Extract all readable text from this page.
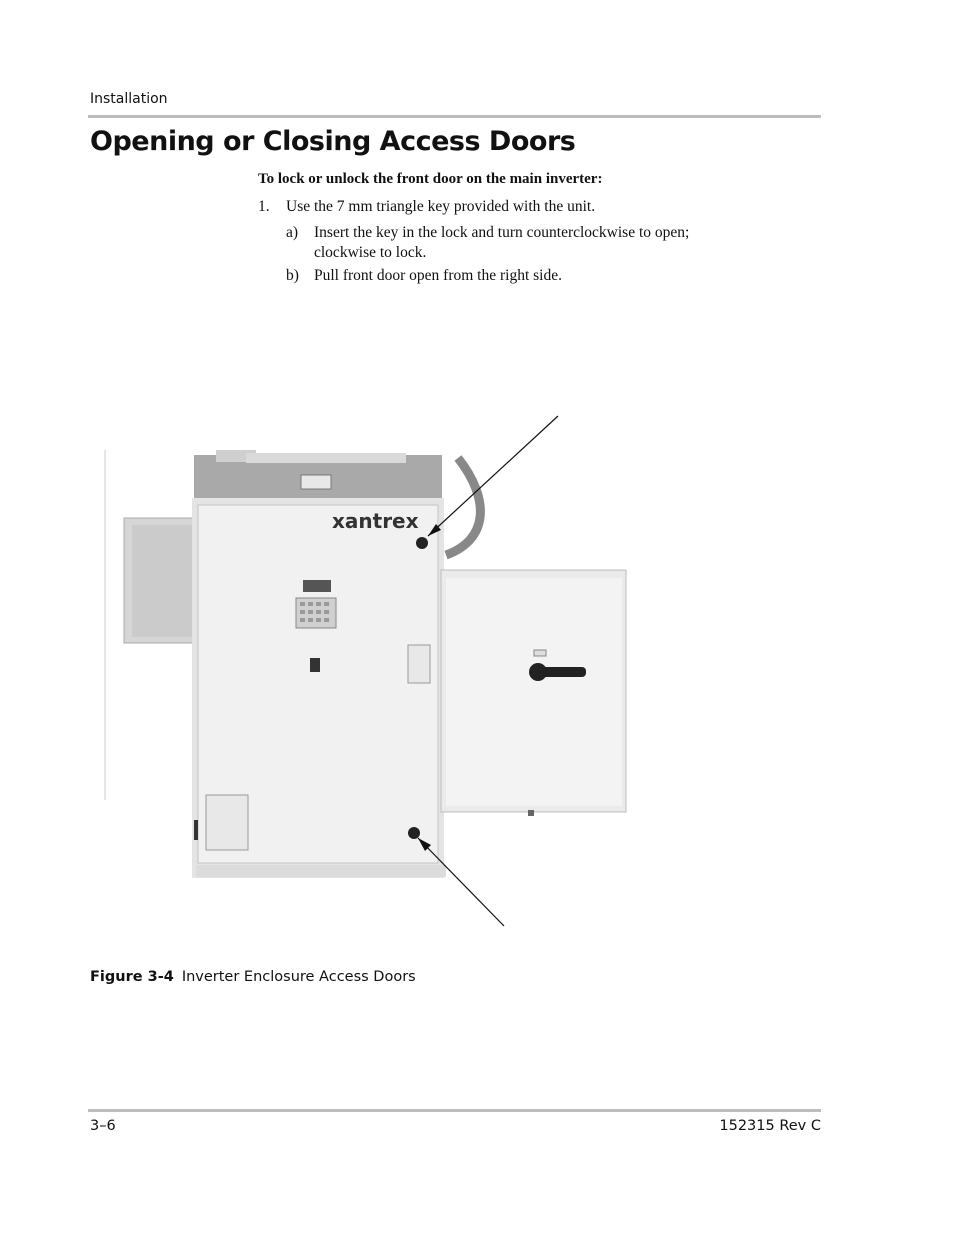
Installation
Opening or Closing Access Doors
To lock or unlock the front door on the main inverter:
1. Use the 7 mm triangle key provided with the unit.
a) Insert the key in the lock and turn counterclockwise to open; clockwise to lock.
b) Pull front door open from the right side.
xantrex
Figure 3-4 Inverter Enclosure Access Doors
3–6	152315 Rev C
